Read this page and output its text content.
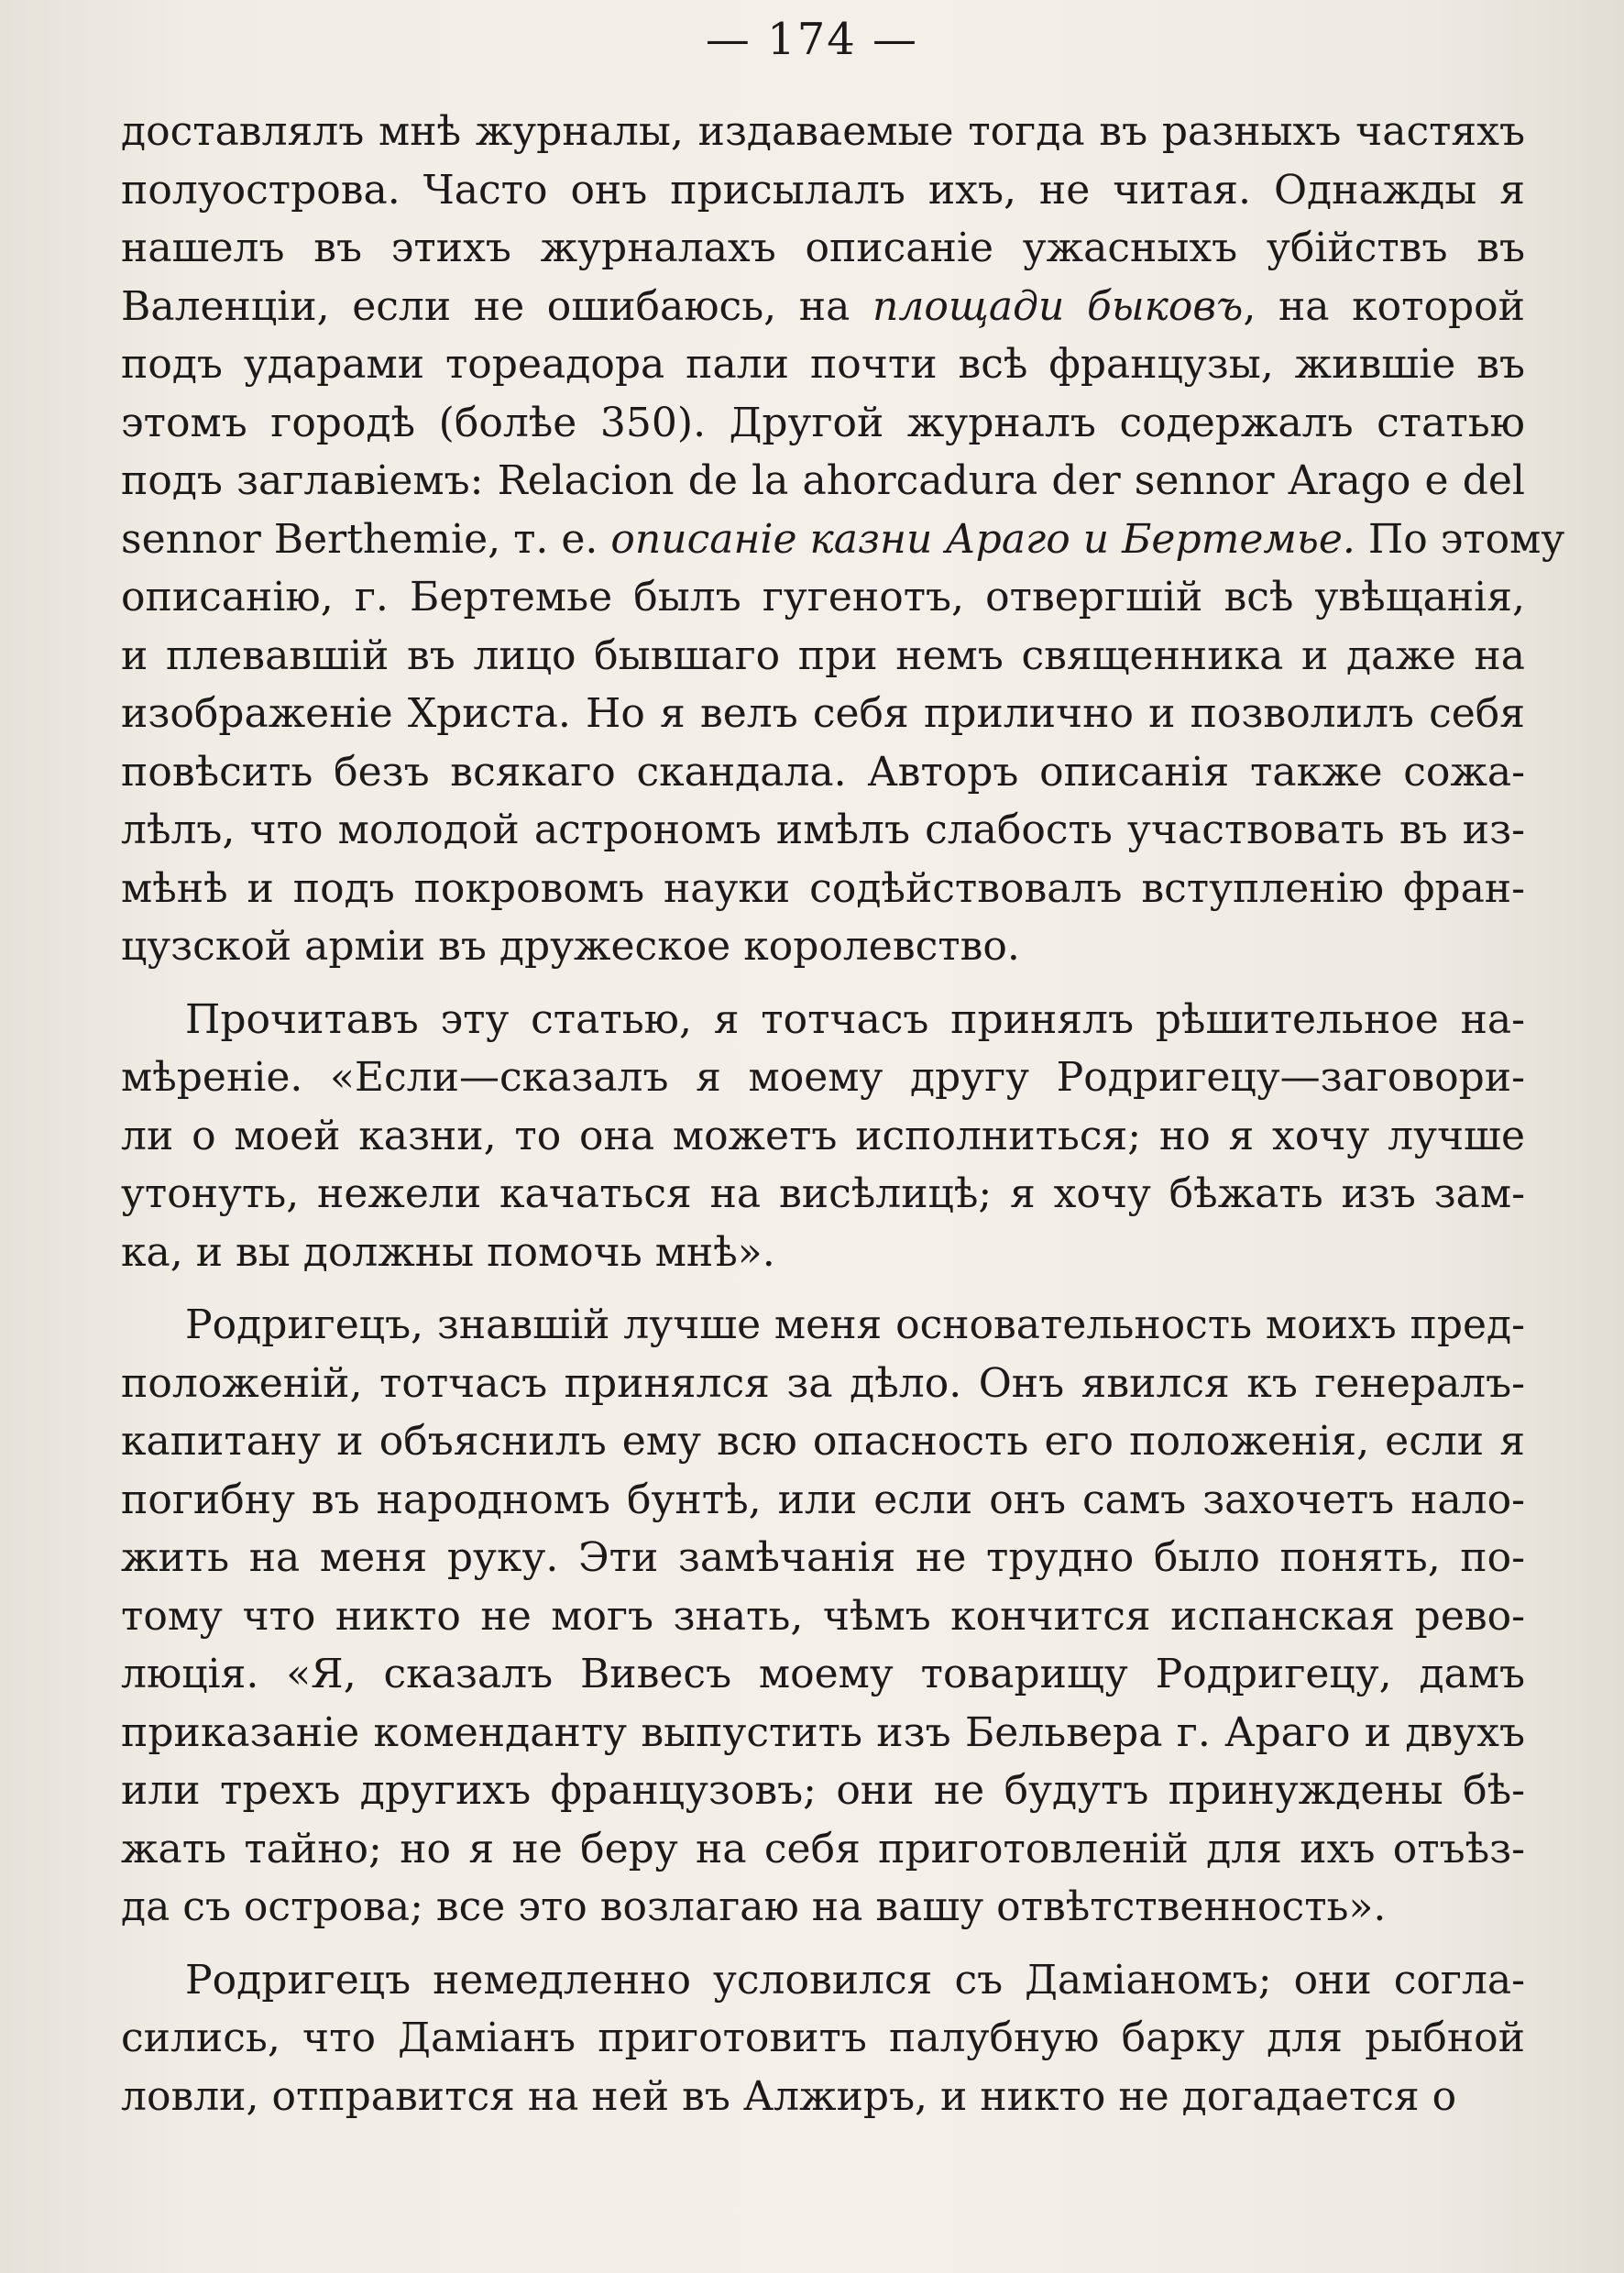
— 174 —
доставлялъ мнѣ журналы, издаваемые тогда въ разныхъ частяхъ
полуострова. Часто онъ присылалъ ихъ, не читая. Однажды я
нашелъ въ этихъ журналахъ описаніе ужасныхъ убійствъ въ
Валенціи, если не ошибаюсь, на площади быковъ, на которой
подъ ударами тореадора пали почти всѣ французы, жившіе въ
этомъ городѣ (болѣе 350). Другой журналъ содержалъ статью
подъ заглавіемъ: Relacion de la ahorcadura der sennor Arago e del
sennor Berthemie, т. е. описаніе казни Араго и Бертемье. По этому
описанію, г. Бертемье былъ гугенотъ, отвергшій всѣ увѣщанія,
и плевавшій въ лицо бывшаго при немъ священника и даже на
изображеніе Христа. Но я велъ себя прилично и позволилъ себя
повѣсить безъ всякаго скандала. Авторъ описанія также сожа-
лѣлъ, что молодой астрономъ имѣлъ слабость участвовать въ из-
мѣнѣ и подъ покровомъ науки содѣйствовалъ вступленію фран-
цузской арміи въ дружеское королевство.
Прочитавъ эту статью, я тотчасъ принялъ рѣшительное на-
мѣреніе. «Если—сказалъ я моему другу Родригецу—заговори-
ли о моей казни, то она можетъ исполниться; но я хочу лучше
утонуть, нежели качаться на висѣлицѣ; я хочу бѣжать изъ зам-
ка, и вы должны помочь мнѣ».
Родригецъ, знавшій лучше меня основательность моихъ пред-
положеній, тотчасъ принялся за дѣло. Онъ явился къ генералъ-
капитану и объяснилъ ему всю опасность его положенія, если я
погибну въ народномъ бунтѣ, или если онъ самъ захочетъ нало-
жить на меня руку. Эти замѣчанія не трудно было понять, по-
тому что никто не могъ знать, чѣмъ кончится испанская рево-
люція. «Я, сказалъ Вивесъ моему товарищу Родригецу, дамъ
приказаніе коменданту выпустить изъ Бельвера г. Араго и двухъ
или трехъ другихъ французовъ; они не будутъ принуждены бѣ-
жать тайно; но я не беру на себя приготовленій для ихъ отъѣз-
да съ острова; все это возлагаю на вашу отвѣтственность».
Родригецъ немедленно условился съ Даміаномъ; они согла-
сились, что Даміанъ приготовитъ палубную барку для рыбной
ловли, отправится на ней въ Алжиръ, и никто не догадается о
